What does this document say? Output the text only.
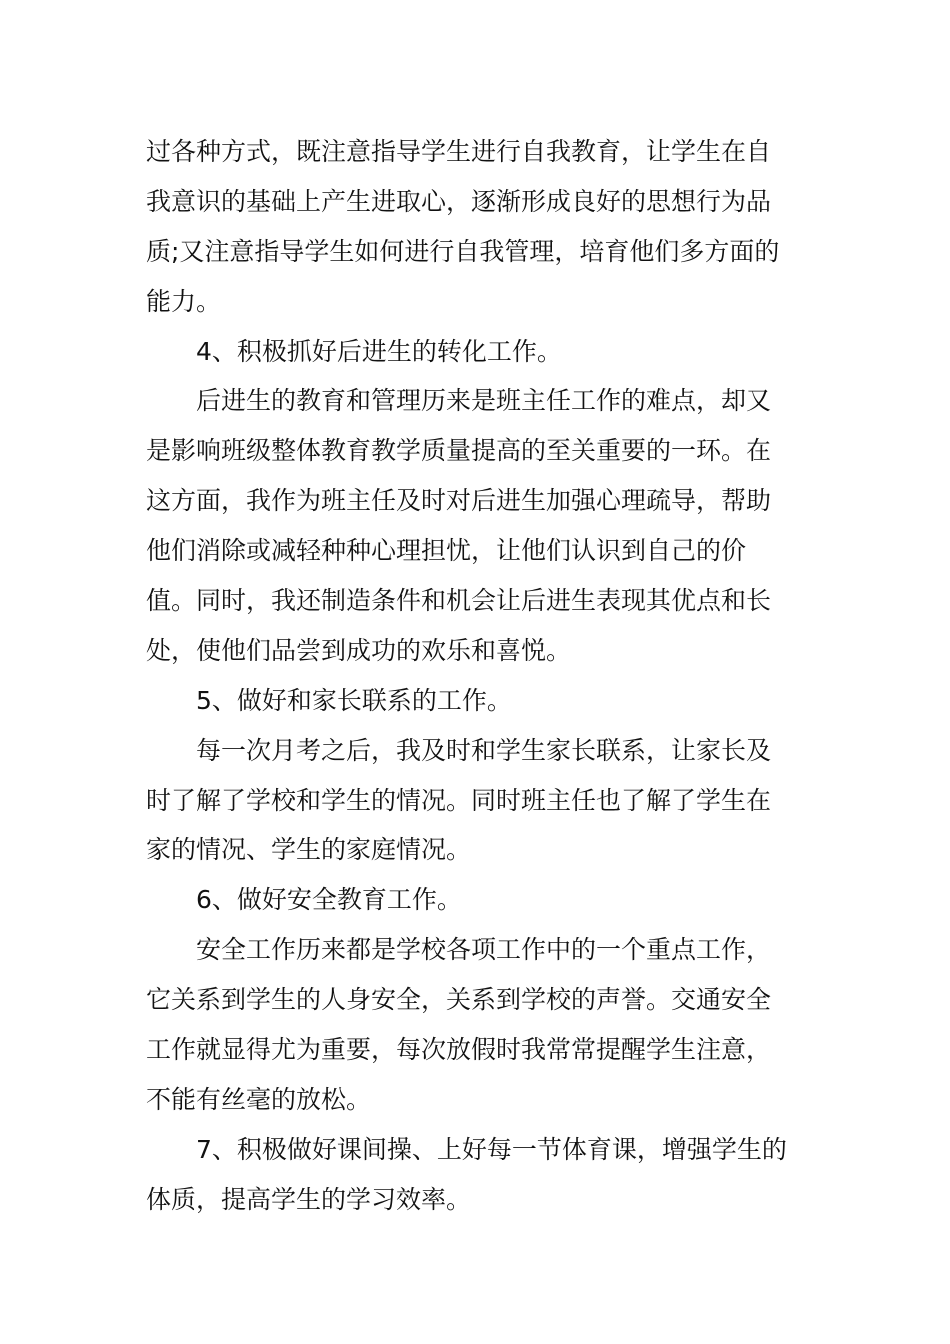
过各种方式，既注意指导学生进行自我教育，让学生在自
我意识的基础上产生进取心，逐渐形成良好的思想行为品
质;又注意指导学生如何进行自我管理，培育他们多方面的
能力。
4、积极抓好后进生的转化工作。
后进生的教育和管理历来是班主任工作的难点，却又
是影响班级整体教育教学质量提高的至关重要的一环。在
这方面，我作为班主任及时对后进生加强心理疏导，帮助
他们消除或减轻种种心理担忧，让他们认识到自己的价
值。同时，我还制造条件和机会让后进生表现其优点和长
处，使他们品尝到成功的欢乐和喜悦。
5、做好和家长联系的工作。
每一次月考之后，我及时和学生家长联系，让家长及
时了解了学校和学生的情况。同时班主任也了解了学生在
家的情况、学生的家庭情况。
6、做好安全教育工作。
安全工作历来都是学校各项工作中的一个重点工作，
它关系到学生的人身安全，关系到学校的声誉。交通安全
工作就显得尤为重要，每次放假时我常常提醒学生注意，
不能有丝毫的放松。
7、积极做好课间操、上好每一节体育课，增强学生的
体质，提高学生的学习效率。
